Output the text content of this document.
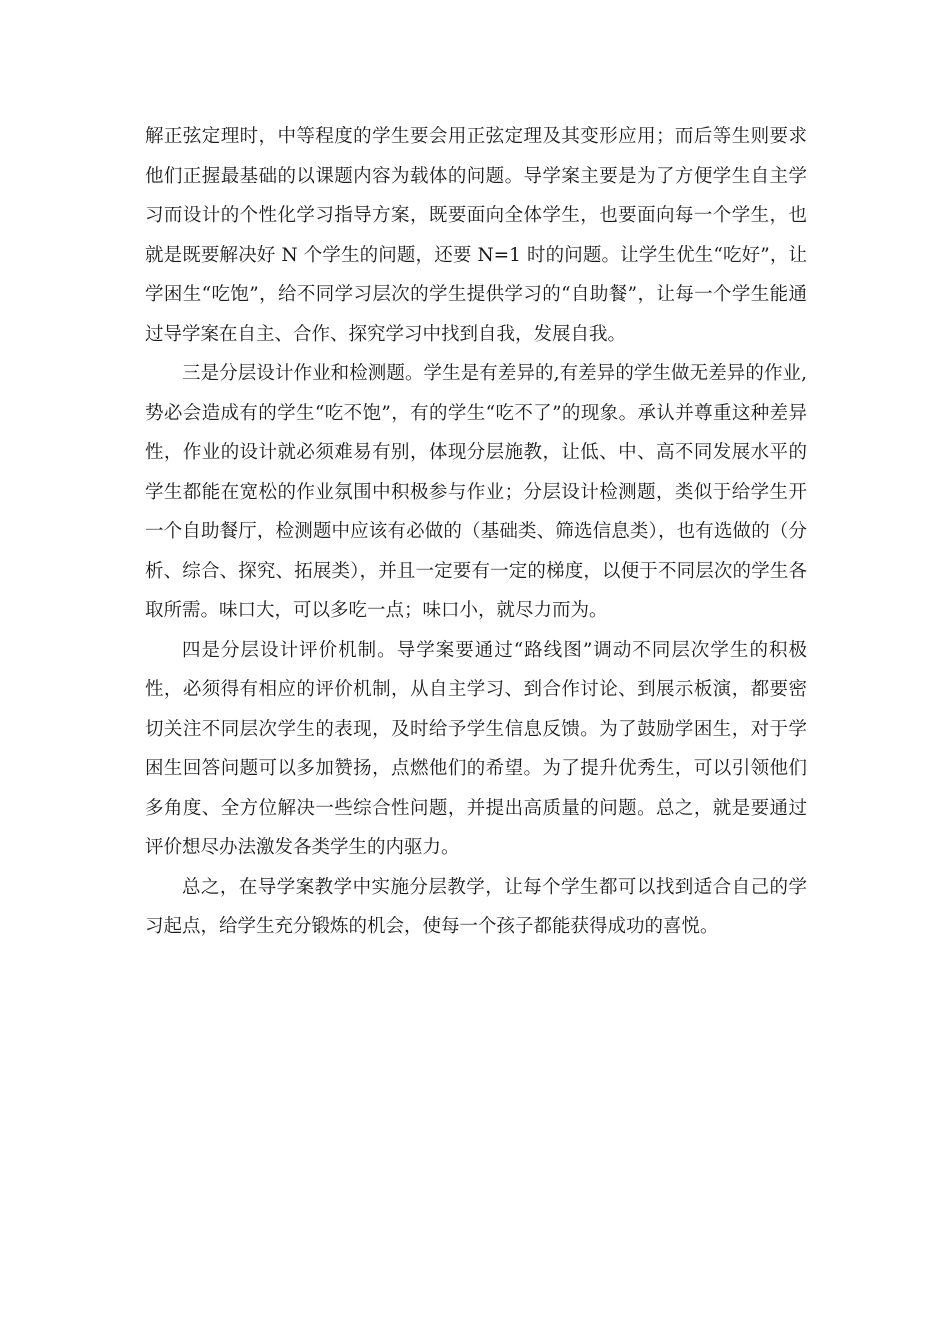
解正弦定理时，中等程度的学生要会用正弦定理及其变形应用；而后等生则要求他们正握最基础的以课题内容为载体的问题。导学案主要是为了方便学生自主学习而设计的个性化学习指导方案，既要面向全体学生，也要面向每一个学生，也就是既要解决好 N 个学生的问题，还要 N=1 时的问题。让学生优生“吃好”，让学困生“吃饱”，给不同学习层次的学生提供学习的“自助餐”，让每一个学生能通过导学案在自主、合作、探究学习中找到自我，发展自我。

三是分层设计作业和检测题。学生是有差异的,有差异的学生做无差异的作业,势必会造成有的学生“吃不饱”，有的学生“吃不了”的现象。承认并尊重这种差异性，作业的设计就必须难易有别，体现分层施教，让低、中、高不同发展水平的学生都能在宽松的作业氛围中积极参与作业；分层设计检测题，类似于给学生开一个自助餐厅，检测题中应该有必做的（基础类、筛选信息类），也有选做的（分析、综合、探究、拓展类），并且一定要有一定的梯度，以便于不同层次的学生各取所需。味口大，可以多吃一点；味口小，就尽力而为。

四是分层设计评价机制。导学案要通过“路线图”调动不同层次学生的积极性，必须得有相应的评价机制，从自主学习、到合作讨论、到展示板演，都要密切关注不同层次学生的表现，及时给予学生信息反馈。为了鼓励学困生，对于学困生回答问题可以多加赞扬，点燃他们的希望。为了提升优秀生，可以引领他们多角度、全方位解决一些综合性问题，并提出高质量的问题。总之，就是要通过评价想尽办法激发各类学生的内驱力。

总之，在导学案教学中实施分层教学，让每个学生都可以找到适合自己的学习起点，给学生充分锻炼的机会，使每一个孩子都能获得成功的喜悦。
